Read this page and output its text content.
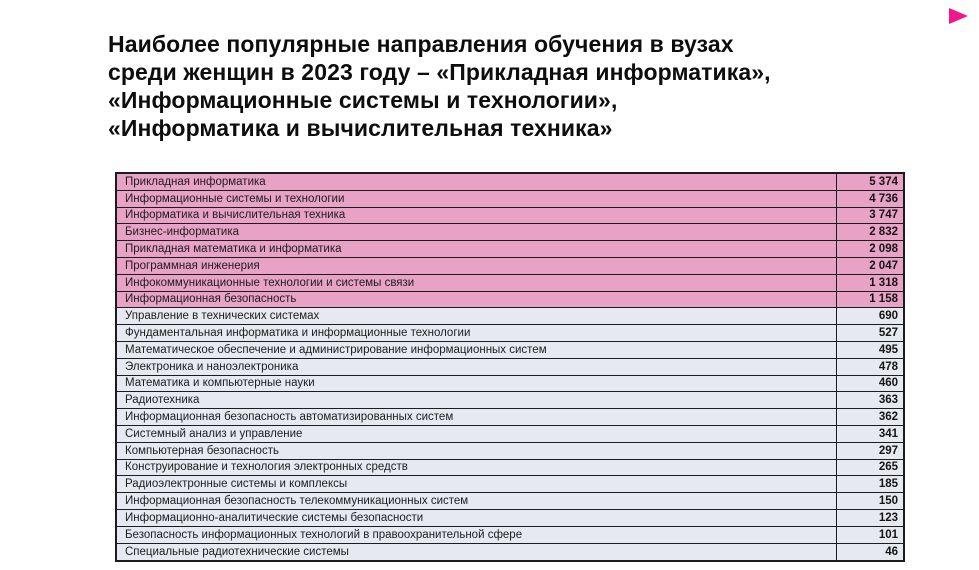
Наиболее популярные направления обучения в вузах
среди женщин в 2023 году – «Прикладная информатика»,
«Информационные системы и технологии»,
«Информатика и вычислительная техника»
Прикладная информатика	5 374
Информационные системы и технологии	4 736
Информатика и вычислительная техника	3 747
Бизнес-информатика	2 832
Прикладная математика и информатика	2 098
Программная инженерия	2 047
Инфокоммуникационные технологии и системы связи	1 318
Информационная безопасность	1 158
Управление в технических системах	690
Фундаментальная информатика и информационные технологии	527
Математическое обеспечение и администрирование информационных систем	495
Электроника и наноэлектроника	478
Математика и компьютерные науки	460
Радиотехника	363
Информационная безопасность автоматизированных систем	362
Системный анализ и управление	341
Компьютерная безопасность	297
Конструирование и технология электронных средств	265
Радиоэлектронные системы и комплексы	185
Информационная безопасность телекоммуникационных систем	150
Информационно-аналитические системы безопасности	123
Безопасность информационных технологий в правоохранительной сфере	101
Специальные радиотехнические системы	46
